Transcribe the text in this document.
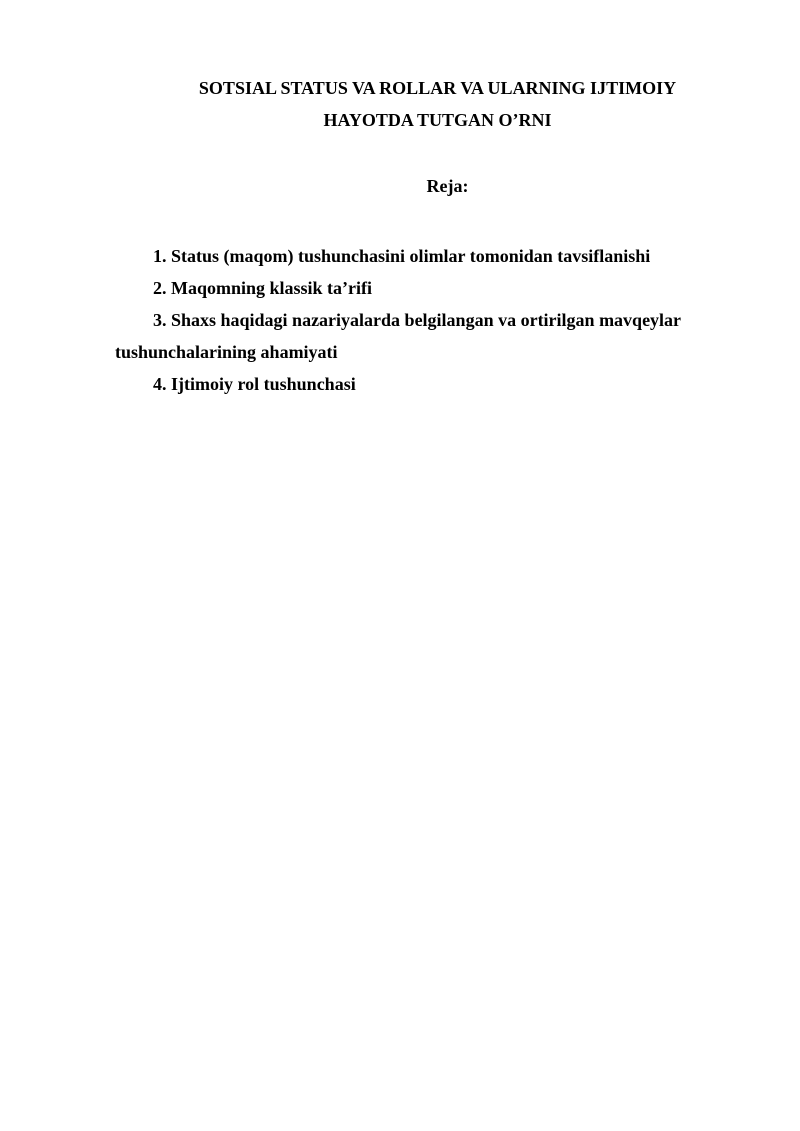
SOTSIAL STATUS VA ROLLAR VA ULARNING IJTIMOIY

HAYOTDA TUTGAN O’RNI

Reja:

1. Status (maqom) tushunchasini olimlar tomonidan tavsiflanishi
2. Maqomning klassik ta’rifi
3. Shaxs haqidagi nazariyalarda belgilangan va ortirilgan mavqeylar tushunchalarining ahamiyati
4. Ijtimoiy rol tushunchasi
